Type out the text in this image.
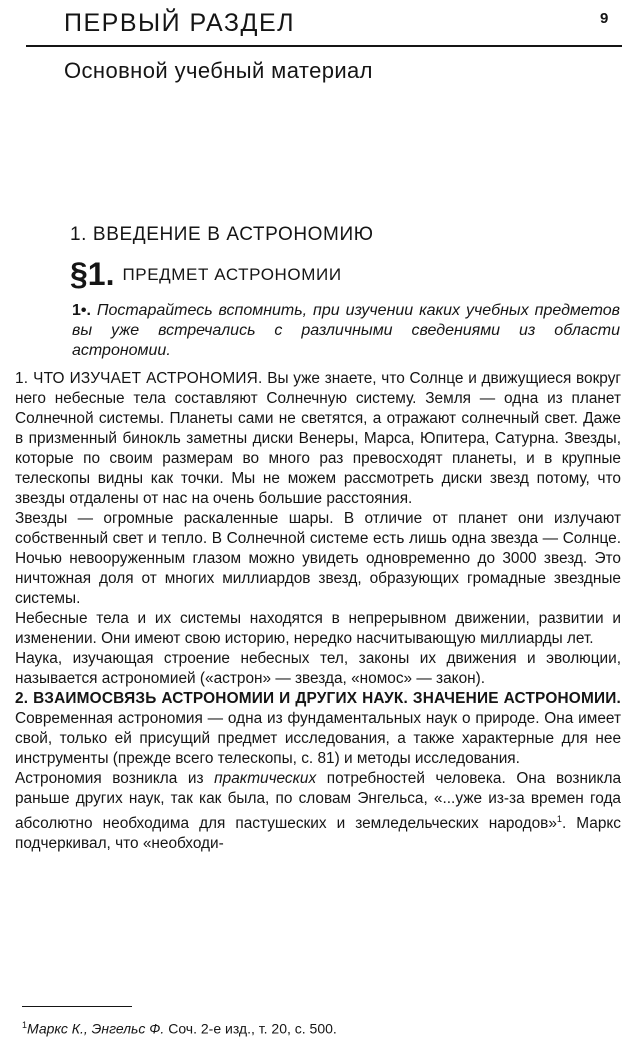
ПЕРВЫЙ РАЗДЕЛ	9
Основной учебный материал
1. ВВЕДЕНИЕ В АСТРОНОМИЮ
§1. ПРЕДМЕТ АСТРОНОМИИ
1•. Постарайтесь вспомнить, при изучении каких учебных предметов вы уже встречались с различными сведениями из области астрономии.

1. ЧТО ИЗУЧАЕТ АСТРОНОМИЯ. Вы уже знаете, что Солнце и движущиеся вокруг него небесные тела составляют Солнечную систему. Земля — одна из планет Солнечной системы. Планеты сами не светятся, а отражают солнечный свет. Даже в призменный бинокль заметны диски Венеры, Марса, Юпитера, Сатурна. Звезды, которые по своим размерам во много раз превосходят планеты, и в крупные телескопы видны как точки. Мы не можем рассмотреть диски звезд потому, что звезды отдалены от нас на очень большие расстояния.

Звезды — огромные раскаленные шары. В отличие от планет они излучают собственный свет и тепло. В Солнечной системе есть лишь одна звезда — Солнце. Ночью невооруженным глазом можно увидеть одновременно до 3000 звезд. Это ничтожная доля от многих миллиардов звезд, образующих громадные звездные системы.

Небесные тела и их системы находятся в непрерывном движении, развитии и изменении. Они имеют свою историю, нередко насчитывающую миллиарды лет.

Наука, изучающая строение небесных тел, законы их движения и эволюции, называется астрономией («астрон» — звезда, «номос» — закон).

2. ВЗАИМОСВЯЗЬ АСТРОНОМИИ И ДРУГИХ НАУК. ЗНАЧЕНИЕ АСТРОНОМИИ. Современная астрономия — одна из фундаментальных наук о природе. Она имеет свой, только ей присущий предмет исследования, а также характерные для нее инструменты (прежде всего телескопы, с. 81) и методы исследования.

Астрономия возникла из практических потребностей человека. Она возникла раньше других наук, так как была, по словам Энгельса, «...уже из-за времен года абсолютно необходима для пастушеских и земледельческих народов»$^1$. Маркс подчеркивал, что «необходи-

$^1$Маркс К., Энгельс Ф. Соч. 2-е изд., т. 20, с. 500.
